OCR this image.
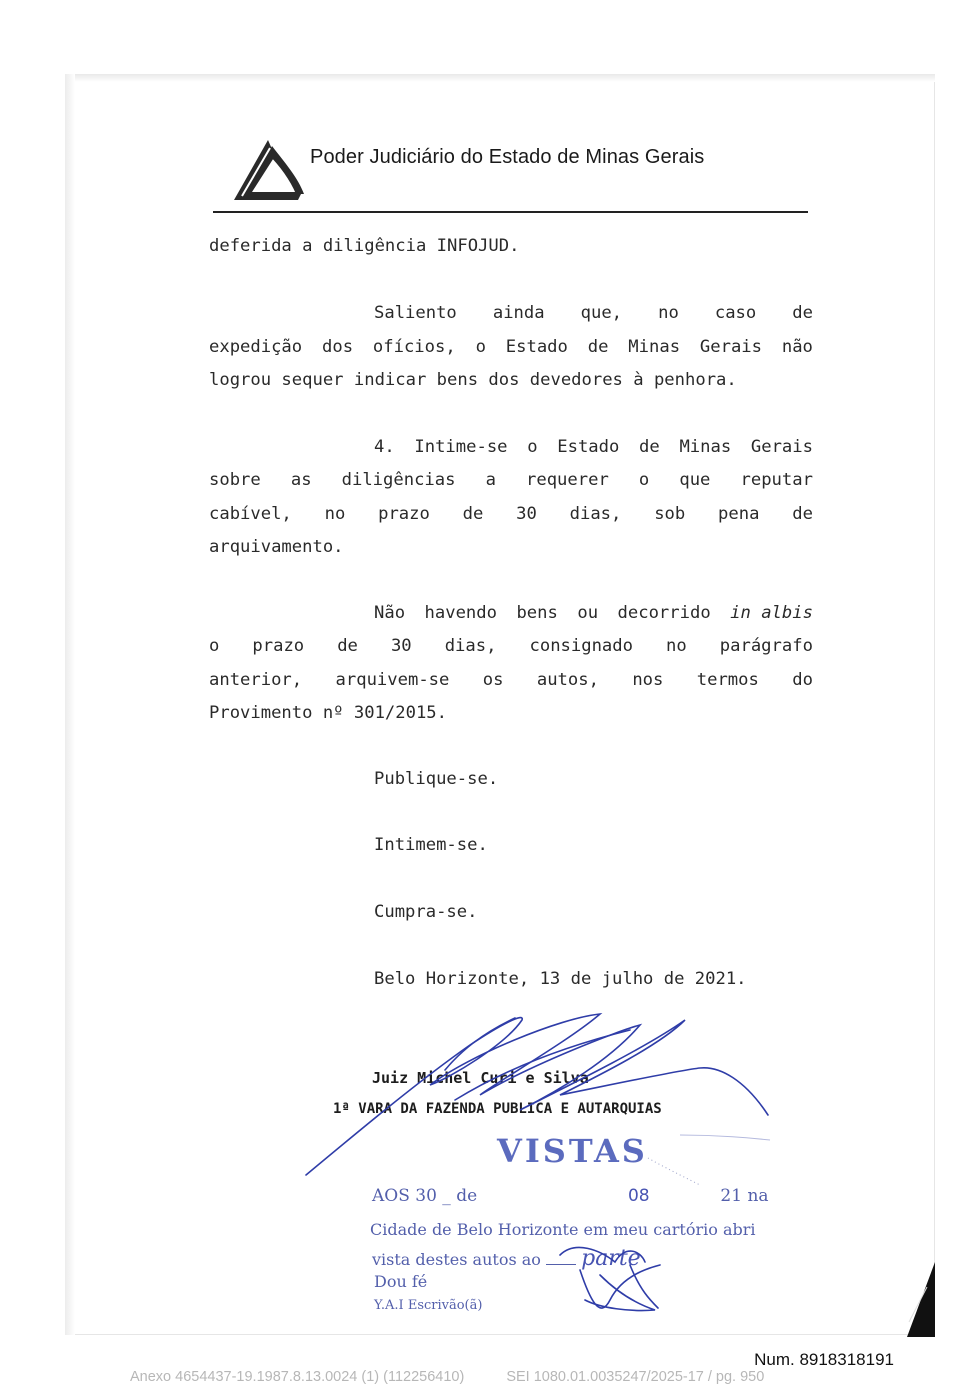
Poder Judiciário do Estado de Minas Gerais
deferida a diligência INFOJUD.
Saliento ainda que, no caso de
expedição dos ofícios, o Estado de Minas Gerais não
logrou sequer indicar bens dos devedores à penhora.
4. Intime-se o Estado de Minas Gerais
sobre as diligências a requerer o que reputar
cabível, no prazo de 30 dias, sob pena de
arquivamento.
Não havendo bens ou decorrido in albis
o prazo de 30 dias, consignado no parágrafo
anterior, arquivem-se os autos, nos termos do
Provimento nº 301/2015.
Publique-se.
Intimem-se.
Cumpra-se.
Belo Horizonte, 13 de julho de 2021.
Juiz Michel Curi e Silva
1ª VARA DA FAZENDA PUBLICA E AUTARQUIAS
VISTAS
AOS 30 _ de	08	21 na
Cidade de Belo Horizonte em meu cartório abri
vista destes autos ao parte
Dou fé
Y.A.I Escrivão(ã)
Num. 8918318191
Anexo 4654437-19.1987.8.13.0024 (1) (112256410)	SEI 1080.01.0035247/2025-17 / pg. 950
